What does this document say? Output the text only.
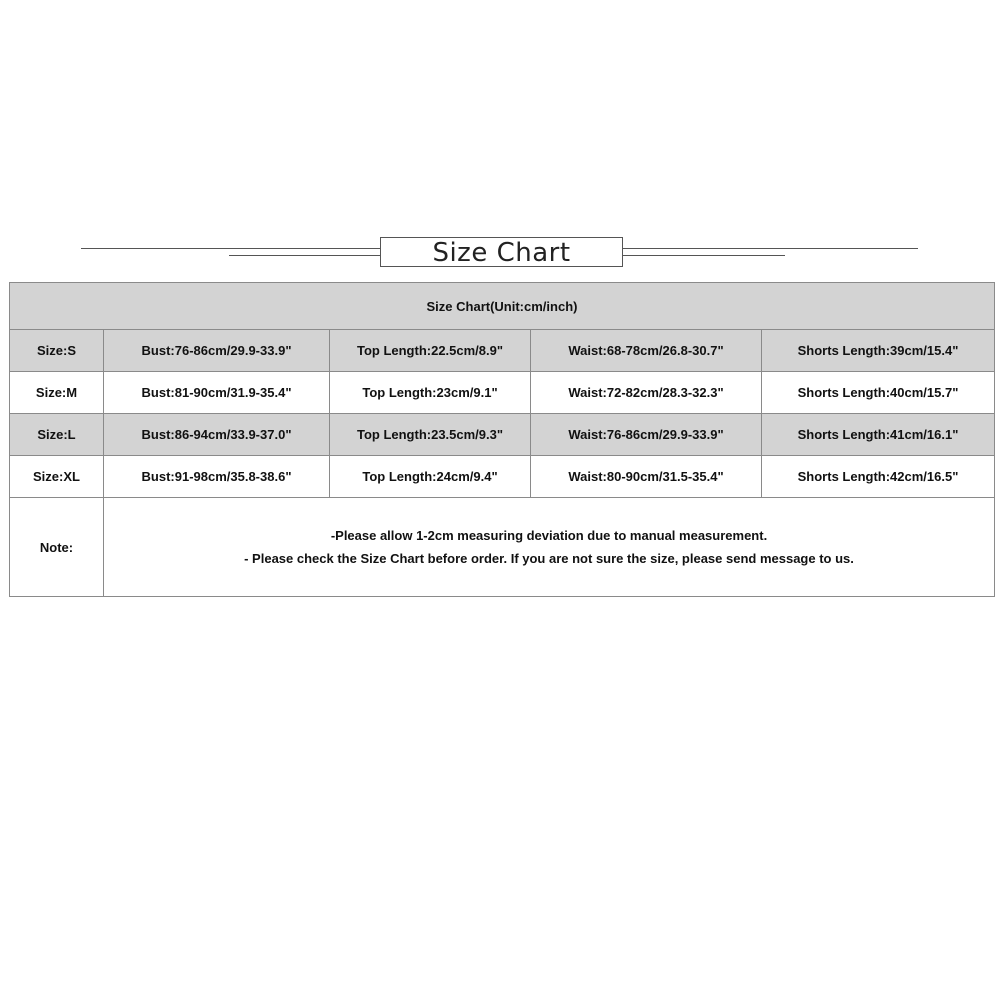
Size Chart
Size Chart(Unit:cm/inch)				
Size:S	Bust:76-86cm/29.9-33.9"	Top Length:22.5cm/8.9"	Waist:68-78cm/26.8-30.7"	Shorts Length:39cm/15.4"
Size:M	Bust:81-90cm/31.9-35.4"	Top Length:23cm/9.1"	Waist:72-82cm/28.3-32.3"	Shorts Length:40cm/15.7"
Size:L	Bust:86-94cm/33.9-37.0"	Top Length:23.5cm/9.3"	Waist:76-86cm/29.9-33.9"	Shorts Length:41cm/16.1"
Size:XL	Bust:91-98cm/35.8-38.6"	Top Length:24cm/9.4"	Waist:80-90cm/31.5-35.4"	Shorts Length:42cm/16.5"
Note:	-Please allow 1-2cm measuring deviation due to manual measurement.
- Please check the Size Chart before order. If you are not sure the size, please send message to us.			
